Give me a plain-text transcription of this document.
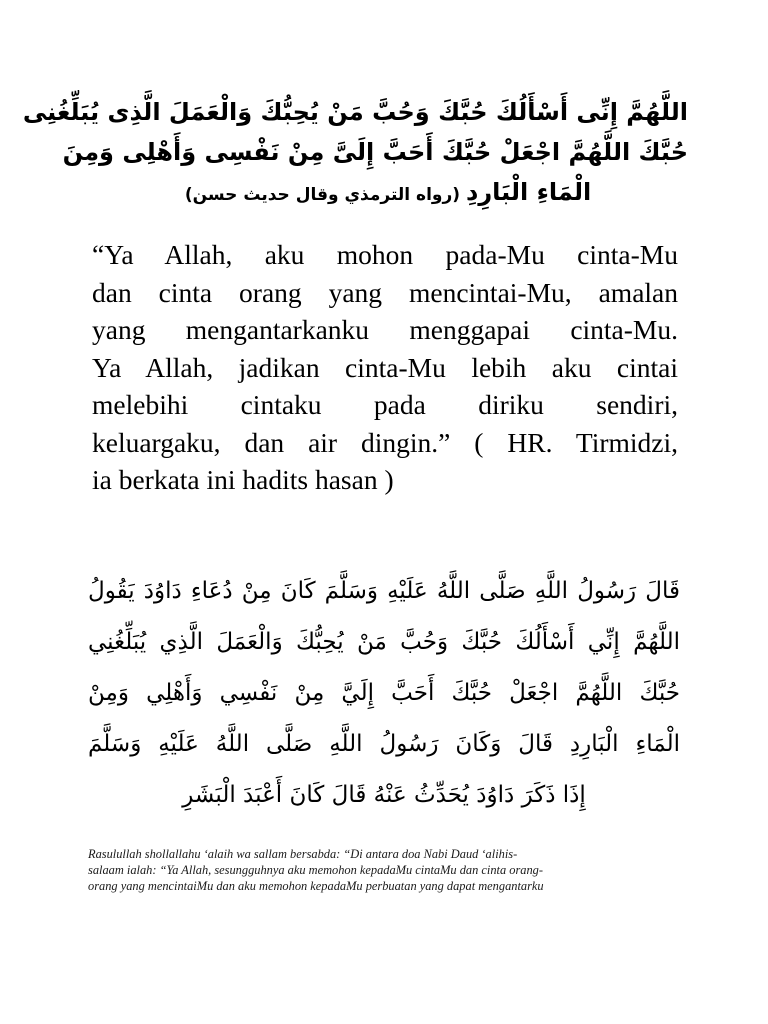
اللَّهُمَّ إِنِّى أَسْأَلُكَ حُبَّكَ وَحُبَّ مَنْ يُحِبُّكَ وَالْعَمَلَ الَّذِى يُبَلِّغُنِى
حُبَّكَ اللَّهُمَّ اجْعَلْ حُبَّكَ أَحَبَّ إِلَىَّ مِنْ نَفْسِى وَأَهْلِى وَمِنَ
الْمَاءِ الْبَارِدِ(رواه الترمذي وقال حديث حسن)
“Ya Allah, aku mohon pada-Mu cinta-Mu
dan cinta orang yang mencintai-Mu, amalan
yang mengantarkanku menggapai cinta-Mu.
Ya Allah, jadikan cinta-Mu lebih aku cintai
melebihi cintaku pada diriku sendiri,
keluargaku, dan air dingin.” ( HR. Tirmidzi,
ia berkata ini hadits hasan )
قَالَ رَسُولُ اللَّهِ صَلَّى اللَّهُ عَلَيْهِ وَسَلَّمَ كَانَ مِنْ دُعَاءِ دَاوُدَ يَقُولُ
اللَّهُمَّ إِنِّي أَسْأَلُكَ حُبَّكَ وَحُبَّ مَنْ يُحِبُّكَ وَالْعَمَلَ الَّذِي يُبَلِّغُنِي
حُبَّكَ اللَّهُمَّ اجْعَلْ حُبَّكَ أَحَبَّ إِلَيَّ مِنْ نَفْسِي وَأَهْلِي وَمِنْ
الْمَاءِ الْبَارِدِ قَالَ وَكَانَ رَسُولُ اللَّهِ صَلَّى اللَّهُ عَلَيْهِ وَسَلَّمَ
إِذَا ذَكَرَ دَاوُدَ يُحَدِّثُ عَنْهُ قَالَ كَانَ أَعْبَدَ الْبَشَرِ
Rasulullah shollallahu ‘alaih wa sallam bersabda: “Di antara doa Nabi Daud ‘alihis-
salaam ialah: “Ya Allah, sesungguhnya aku memohon kepadaMu cintaMu dan cinta orang-
orang yang mencintaiMu dan aku memohon kepadaMu perbuatan yang dapat mengantarku
